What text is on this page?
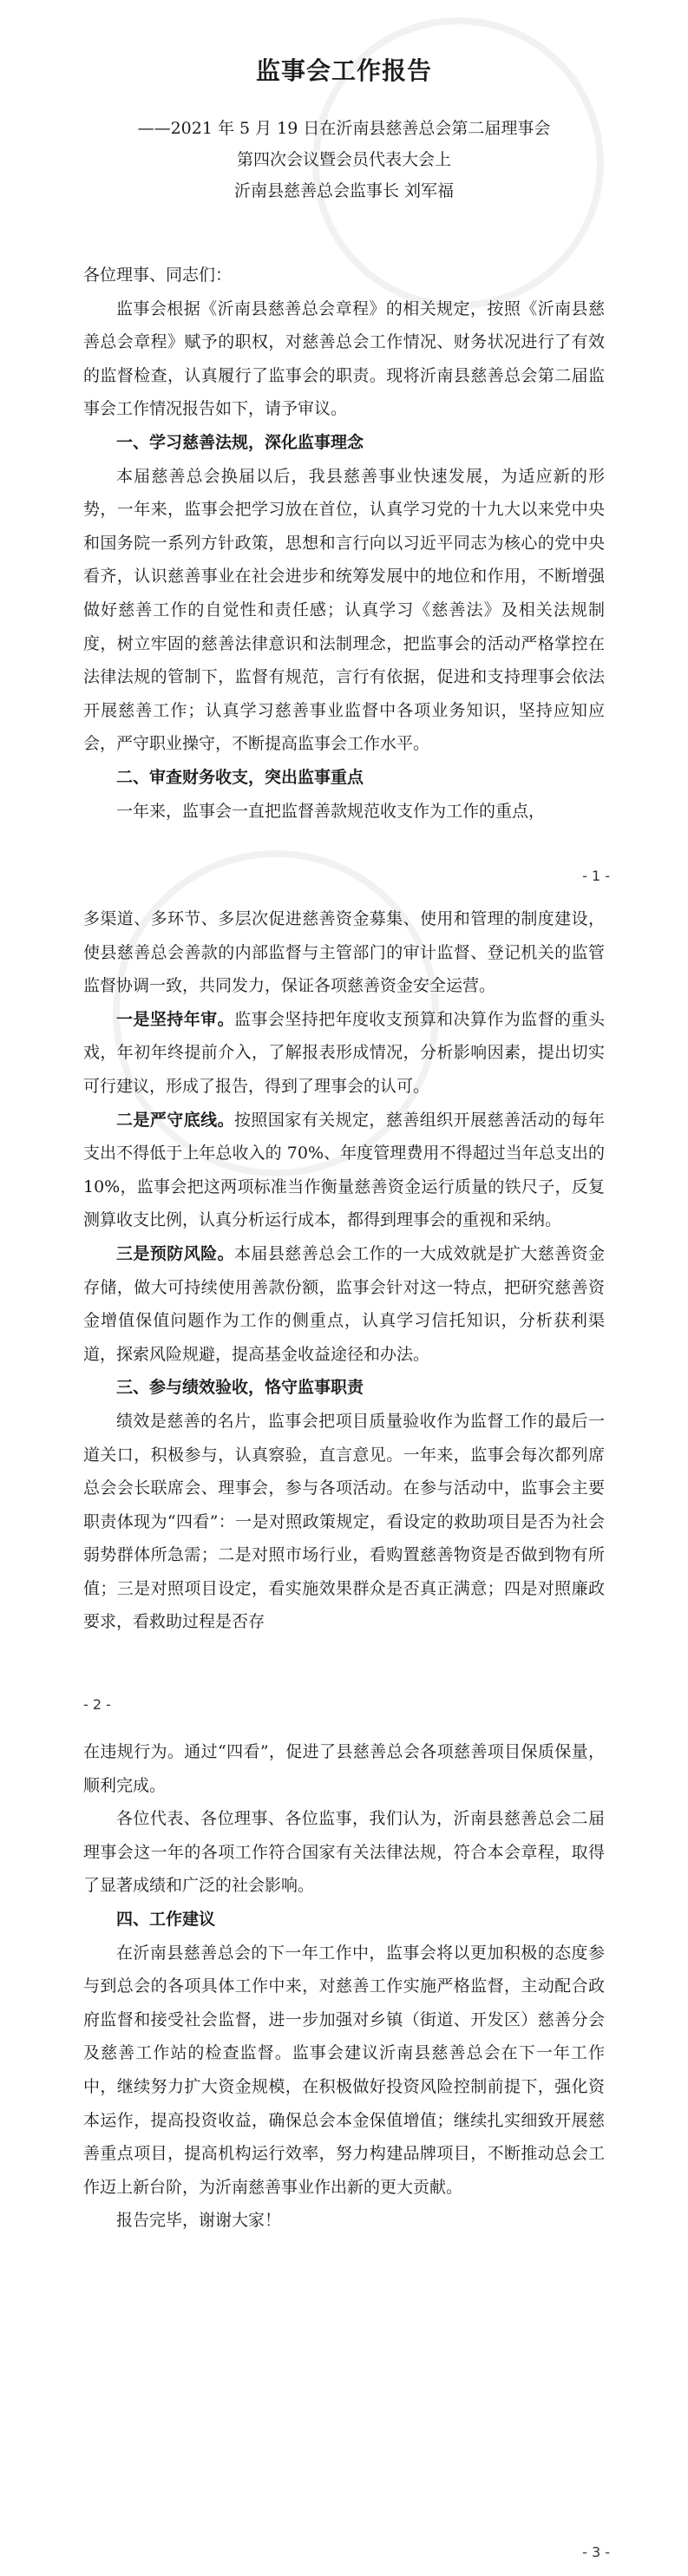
监事会工作报告
——2021 年 5 月 19 日在沂南县慈善总会第二届理事会
第四次会议暨会员代表大会上
沂南县慈善总会监事长 刘军福

各位理事、同志们：

监事会根据《沂南县慈善总会章程》的相关规定，按照《沂南县慈善总会章程》赋予的职权，对慈善总会工作情况、财务状况进行了有效的监督检查，认真履行了监事会的职责。现将沂南县慈善总会第二届监事会工作情况报告如下，请予审议。

一、学习慈善法规，深化监事理念

本届慈善总会换届以后，我县慈善事业快速发展，为适应新的形势，一年来，监事会把学习放在首位，认真学习党的十九大以来党中央和国务院一系列方针政策，思想和言行向以习近平同志为核心的党中央看齐，认识慈善事业在社会进步和统筹发展中的地位和作用，不断增强做好慈善工作的自觉性和责任感；认真学习《慈善法》及相关法规制度，树立牢固的慈善法律意识和法制理念，把监事会的活动严格掌控在法律法规的管制下，监督有规范，言行有依据，促进和支持理事会依法开展慈善工作；认真学习慈善事业监督中各项业务知识，坚持应知应会，严守职业操守，不断提高监事会工作水平。

二、审查财务收支，突出监事重点

一年来，监事会一直把监督善款规范收支作为工作的重点，

- 1 -

多渠道、多环节、多层次促进慈善资金募集、使用和管理的制度建设，使县慈善总会善款的内部监督与主管部门的审计监督、登记机关的监管监督协调一致，共同发力，保证各项慈善资金安全运营。

一是坚持年审。监事会坚持把年度收支预算和决算作为监督的重头戏，年初年终提前介入，了解报表形成情况，分析影响因素，提出切实可行建议，形成了报告，得到了理事会的认可。

二是严守底线。按照国家有关规定，慈善组织开展慈善活动的每年支出不得低于上年总收入的 70%、年度管理费用不得超过当年总支出的 10%，监事会把这两项标准当作衡量慈善资金运行质量的铁尺子，反复测算收支比例，认真分析运行成本，都得到理事会的重视和采纳。

三是预防风险。本届县慈善总会工作的一大成效就是扩大慈善资金存储，做大可持续使用善款份额，监事会针对这一特点，把研究慈善资金增值保值问题作为工作的侧重点，认真学习信托知识，分析获利渠道，探索风险规避，提高基金收益途径和办法。

三、参与绩效验收，恪守监事职责

绩效是慈善的名片，监事会把项目质量验收作为监督工作的最后一道关口，积极参与，认真察验，直言意见。一年来，监事会每次都列席总会会长联席会、理事会，参与各项活动。在参与活动中，监事会主要职责体现为“四看”：一是对照政策规定，看设定的救助项目是否为社会弱势群体所急需；二是对照市场行业，看购置慈善物资是否做到物有所值；三是对照项目设定，看实施效果群众是否真正满意；四是对照廉政要求，看救助过程是否存

- 2 -

在违规行为。通过“四看”，促进了县慈善总会各项慈善项目保质保量，顺利完成。

各位代表、各位理事、各位监事，我们认为，沂南县慈善总会二届理事会这一年的各项工作符合国家有关法律法规，符合本会章程，取得了显著成绩和广泛的社会影响。

四、工作建议

在沂南县慈善总会的下一年工作中，监事会将以更加积极的态度参与到总会的各项具体工作中来，对慈善工作实施严格监督，主动配合政府监督和接受社会监督，进一步加强对乡镇（街道、开发区）慈善分会及慈善工作站的检查监督。监事会建议沂南县慈善总会在下一年工作中，继续努力扩大资金规模，在积极做好投资风险控制前提下，强化资本运作，提高投资收益，确保总会本金保值增值；继续扎实细致开展慈善重点项目，提高机构运行效率，努力构建品牌项目，不断推动总会工作迈上新台阶，为沂南慈善事业作出新的更大贡献。

报告完毕，谢谢大家！

- 3 -
